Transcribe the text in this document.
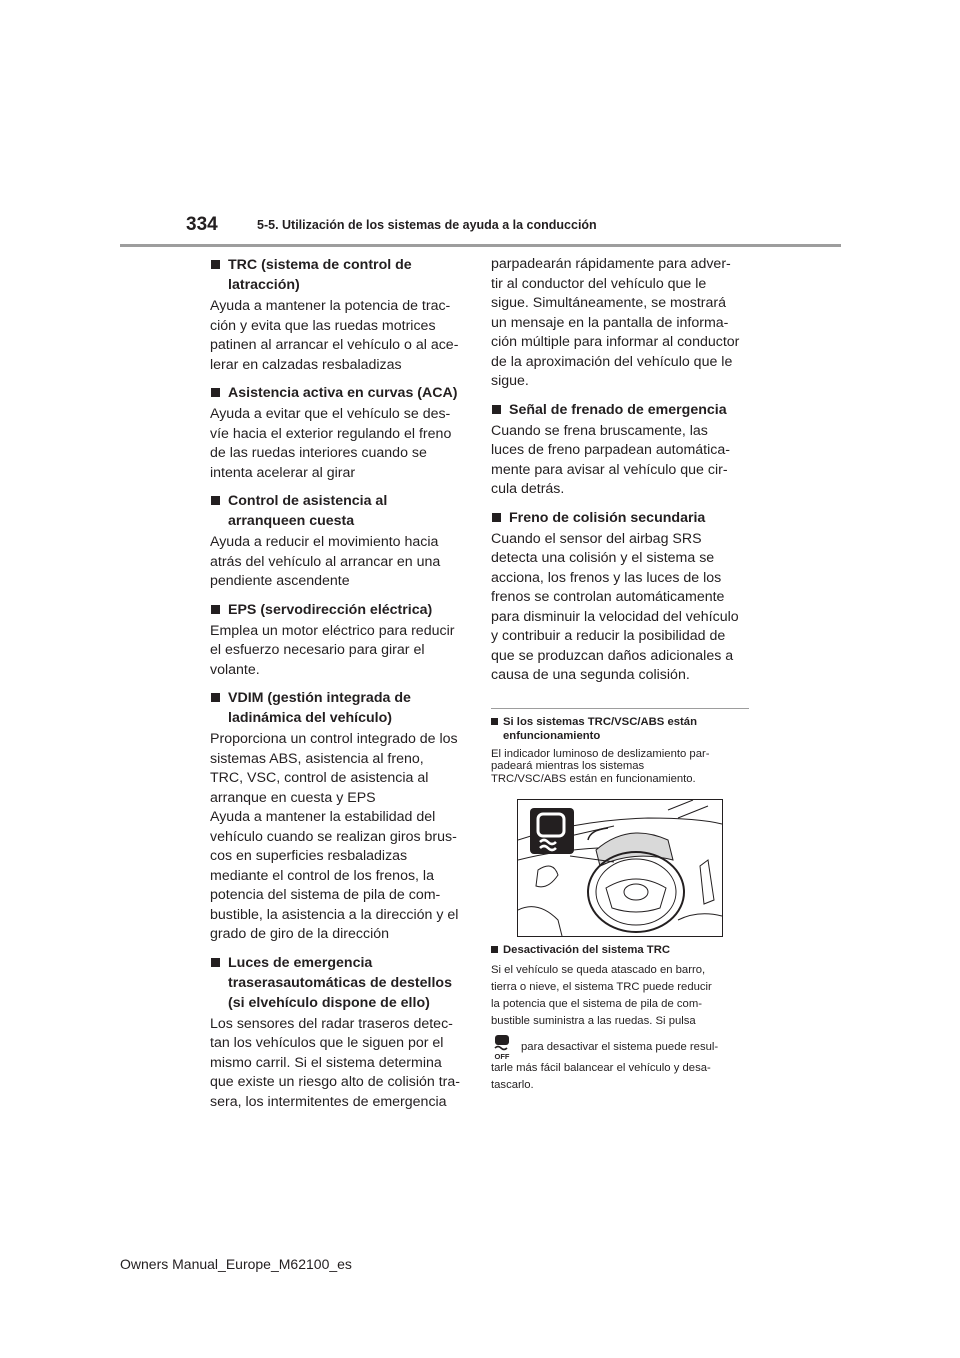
334	5-5. Utilización de los sistemas de ayuda a la conducción
TRC (sistema de control de latracción)
Ayuda a mantener la potencia de trac-
ción y evita que las ruedas motrices
patinen al arrancar el vehículo o al ace-
lerar en calzadas resbaladizas
Asistencia activa en curvas (ACA)
Ayuda a evitar que el vehículo se des-
víe hacia el exterior regulando el freno
de las ruedas interiores cuando se
intenta acelerar al girar
Control de asistencia al arranqueen cuesta
Ayuda a reducir el movimiento hacia
atrás del vehículo al arrancar en una
pendiente ascendente
EPS (servodirección eléctrica)
Emplea un motor eléctrico para reducir
el esfuerzo necesario para girar el
volante.
VDIM (gestión integrada de ladinámica del vehículo)
Proporciona un control integrado de los
sistemas ABS, asistencia al freno,
TRC, VSC, control de asistencia al
arranque en cuesta y EPS
Ayuda a mantener la estabilidad del
vehículo cuando se realizan giros brus-
cos en superficies resbaladizas
mediante el control de los frenos, la
potencia del sistema de pila de com-
bustible, la asistencia a la dirección y el
grado de giro de la dirección
Luces de emergencia traserasautomáticas de destellos (si elvehículo dispone de ello)
Los sensores del radar traseros detec-
tan los vehículos que le siguen por el
mismo carril. Si el sistema determina
que existe un riesgo alto de colisión tra-
sera, los intermitentes de emergencia
parpadearán rápidamente para adver-
tir al conductor del vehículo que le
sigue. Simultáneamente, se mostrará
un mensaje en la pantalla de informa-
ción múltiple para informar al conductor
de la aproximación del vehículo que le
sigue.
Señal de frenado de emergencia
Cuando se frena bruscamente, las
luces de freno parpadean automática-
mente para avisar al vehículo que cir-
cula detrás.
Freno de colisión secundaria
Cuando el sensor del airbag SRS
detecta una colisión y el sistema se
acciona, los frenos y las luces de los
frenos se controlan automáticamente
para disminuir la velocidad del vehículo
y contribuir a reducir la posibilidad de
que se produzcan daños adicionales a
causa de una segunda colisión.
Si los sistemas TRC/VSC/ABS están enfuncionamiento
El indicador luminoso de deslizamiento par-
padeará mientras los sistemas
TRC/VSC/ABS están en funcionamiento.
Desactivación del sistema TRC
Si el vehículo se queda atascado en barro,
tierra o nieve, el sistema TRC puede reducir
la potencia que el sistema de pila de com-
bustible suministra a las ruedas. Si pulsa
OFF
para desactivar el sistema puede resul-
tarle más fácil balancear el vehículo y desa-
tascarlo.
Owners Manual_Europe_M62100_es
